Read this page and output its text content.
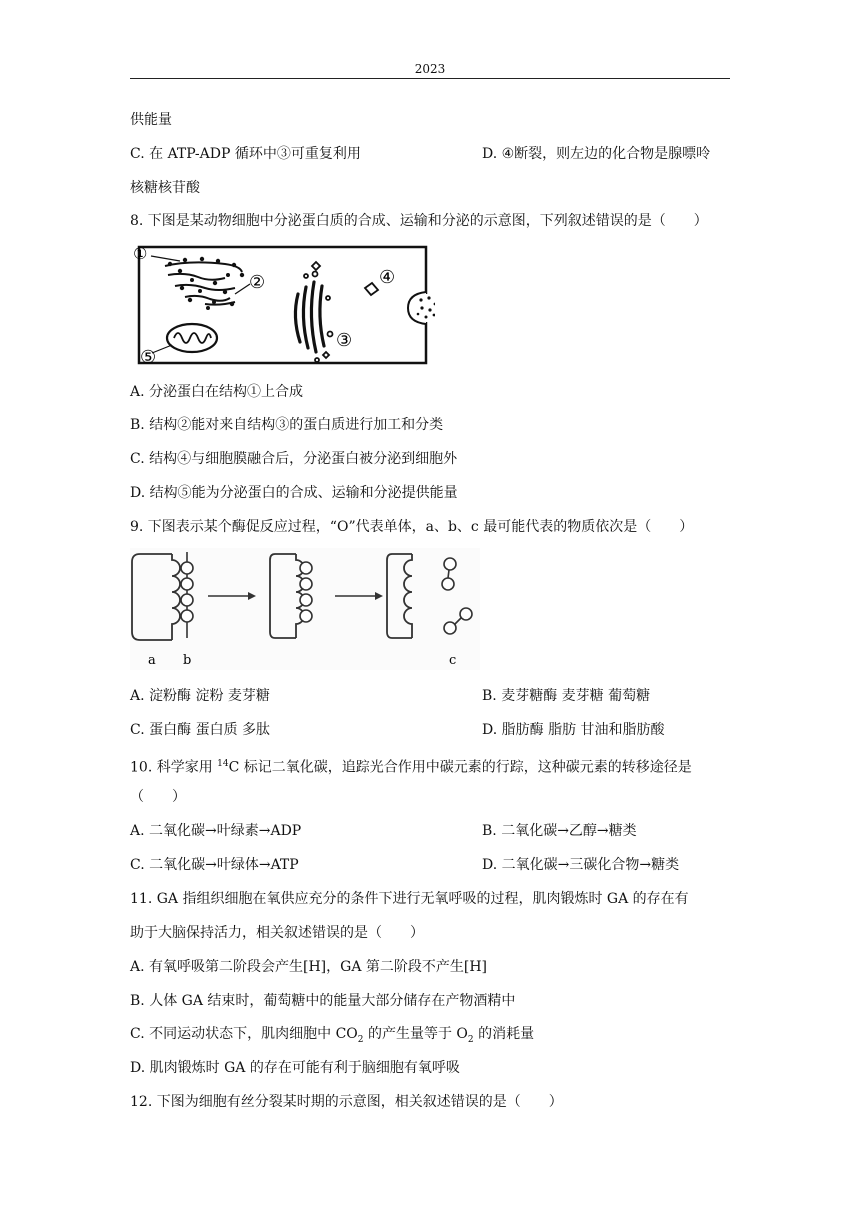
2023
供能量
C. 在 ATP-ADP 循环中③可重复利用	D. ④断裂，则左边的化合物是腺嘌呤
核糖核苷酸
8. 下图是某动物细胞中分泌蛋白质的合成、运输和分泌的示意图，下列叙述错误的是（　　）
①
②
③
④
⑤
A. 分泌蛋白在结构①上合成
B. 结构②能对来自结构③的蛋白质进行加工和分类
C. 结构④与细胞膜融合后，分泌蛋白被分泌到细胞外
D. 结构⑤能为分泌蛋白的合成、运输和分泌提供能量
9. 下图表示某个酶促反应过程，“O”代表单体，a、b、c 最可能代表的物质依次是（　　）
a b	c
A. 淀粉酶 淀粉 麦芽糖	B. 麦芽糖酶 麦芽糖 葡萄糖
C. 蛋白酶 蛋白质 多肽	D. 脂肪酶 脂肪 甘油和脂肪酸
10. 科学家用 $^{14}$C 标记二氧化碳，追踪光合作用中碳元素的行踪，这种碳元素的转移途径是
（　　）
A. 二氧化碳→叶绿素→ADP	B. 二氧化碳→乙醇→糖类
C. 二氧化碳→叶绿体→ATP	D. 二氧化碳→三碳化合物→糖类
11. GA 指组织细胞在氧供应充分的条件下进行无氧呼吸的过程，肌肉锻炼时 GA 的存在有
助于大脑保持活力，相关叙述错误的是（　　）
A. 有氧呼吸第二阶段会产生[H]，GA 第二阶段不产生[H]
B. 人体 GA 结束时，葡萄糖中的能量大部分储存在产物酒精中
C. 不同运动状态下，肌肉细胞中 $CO_2$ 的产生量等于 $O_2$ 的消耗量
D. 肌肉锻炼时 GA 的存在可能有利于脑细胞有氧呼吸
12. 下图为细胞有丝分裂某时期的示意图，相关叙述错误的是（　　）
